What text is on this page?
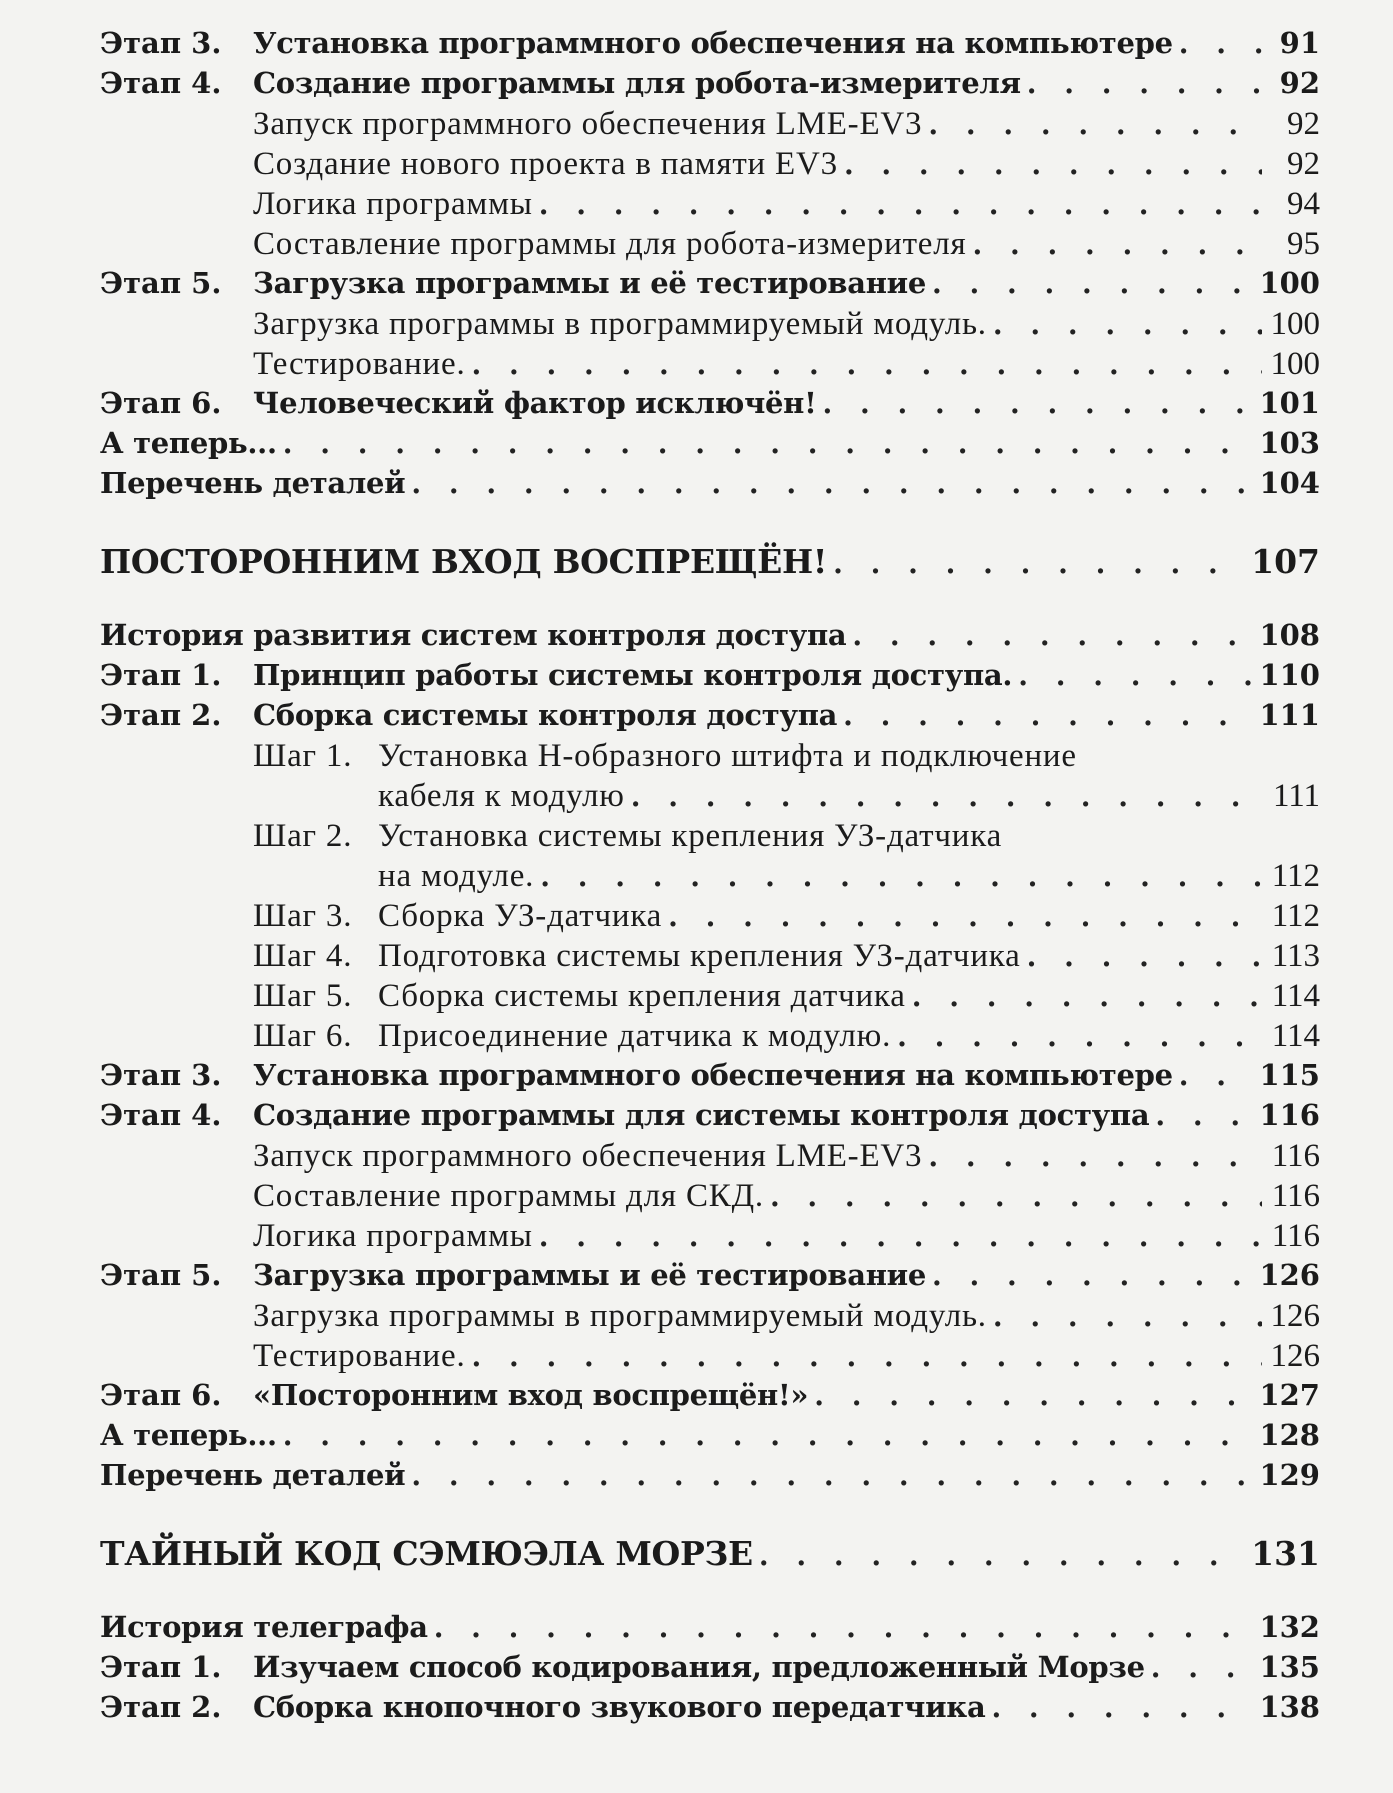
Этап 3.	Установка программного обеспечения на компьютере . . .	91
Этап 4.	Создание программы для робота-измерителя . . .	92
Запуск программного обеспечения LME-EV3 . . .	92
Создание нового проекта в памяти EV3 . . .	92
Логика программы . . .	94
Составление программы для робота-измерителя . . .	95
Этап 5.	Загрузка программы и её тестирование . . .	100
Загрузка программы в программируемый модуль. . . .	100
Тестирование. . . .	100
Этап 6.	Человеческий фактор исключён! . . .	101
А теперь... . . .	103
Перечень деталей . . .	104
ПОСТОРОННИМ ВХОД ВОСПРЕЩЁН! . . .	107
История развития систем контроля доступа . . .	108
Этап 1.	Принцип работы системы контроля доступа. . . .	110
Этап 2.	Сборка системы контроля доступа . . .	111
Шаг 1. Установка Н-образного штифта и подключение
кабеля к модулю . . .	111
Шаг 2. Установка системы крепления УЗ-датчика
на модуле. . . .	112
Шаг 3. Сборка УЗ-датчика . . .	112
Шаг 4. Подготовка системы крепления УЗ-датчика . . .	113
Шаг 5. Сборка системы крепления датчика . . .	114
Шаг 6. Присоединение датчика к модулю. . . .	114
Этап 3.	Установка программного обеспечения на компьютере . . .	115
Этап 4.	Создание программы для системы контроля доступа . . .	116
Запуск программного обеспечения LME-EV3 . . .	116
Составление программы для СКД. . . .	116
Логика программы . . .	116
Этап 5.	Загрузка программы и её тестирование . . .	126
Загрузка программы в программируемый модуль. . . .	126
Тестирование. . . .	126
Этап 6.	«Посторонним вход воспрещён!» . . .	127
А теперь... . . .	128
Перечень деталей . . .	129
ТАЙНЫЙ КОД СЭМЮЭЛА МОРЗЕ . . .	131
История телеграфа . . .	132
Этап 1.	Изучаем способ кодирования, предложенный Морзе . . .	135
Этап 2.	Сборка кнопочного звукового передатчика . . .	138
